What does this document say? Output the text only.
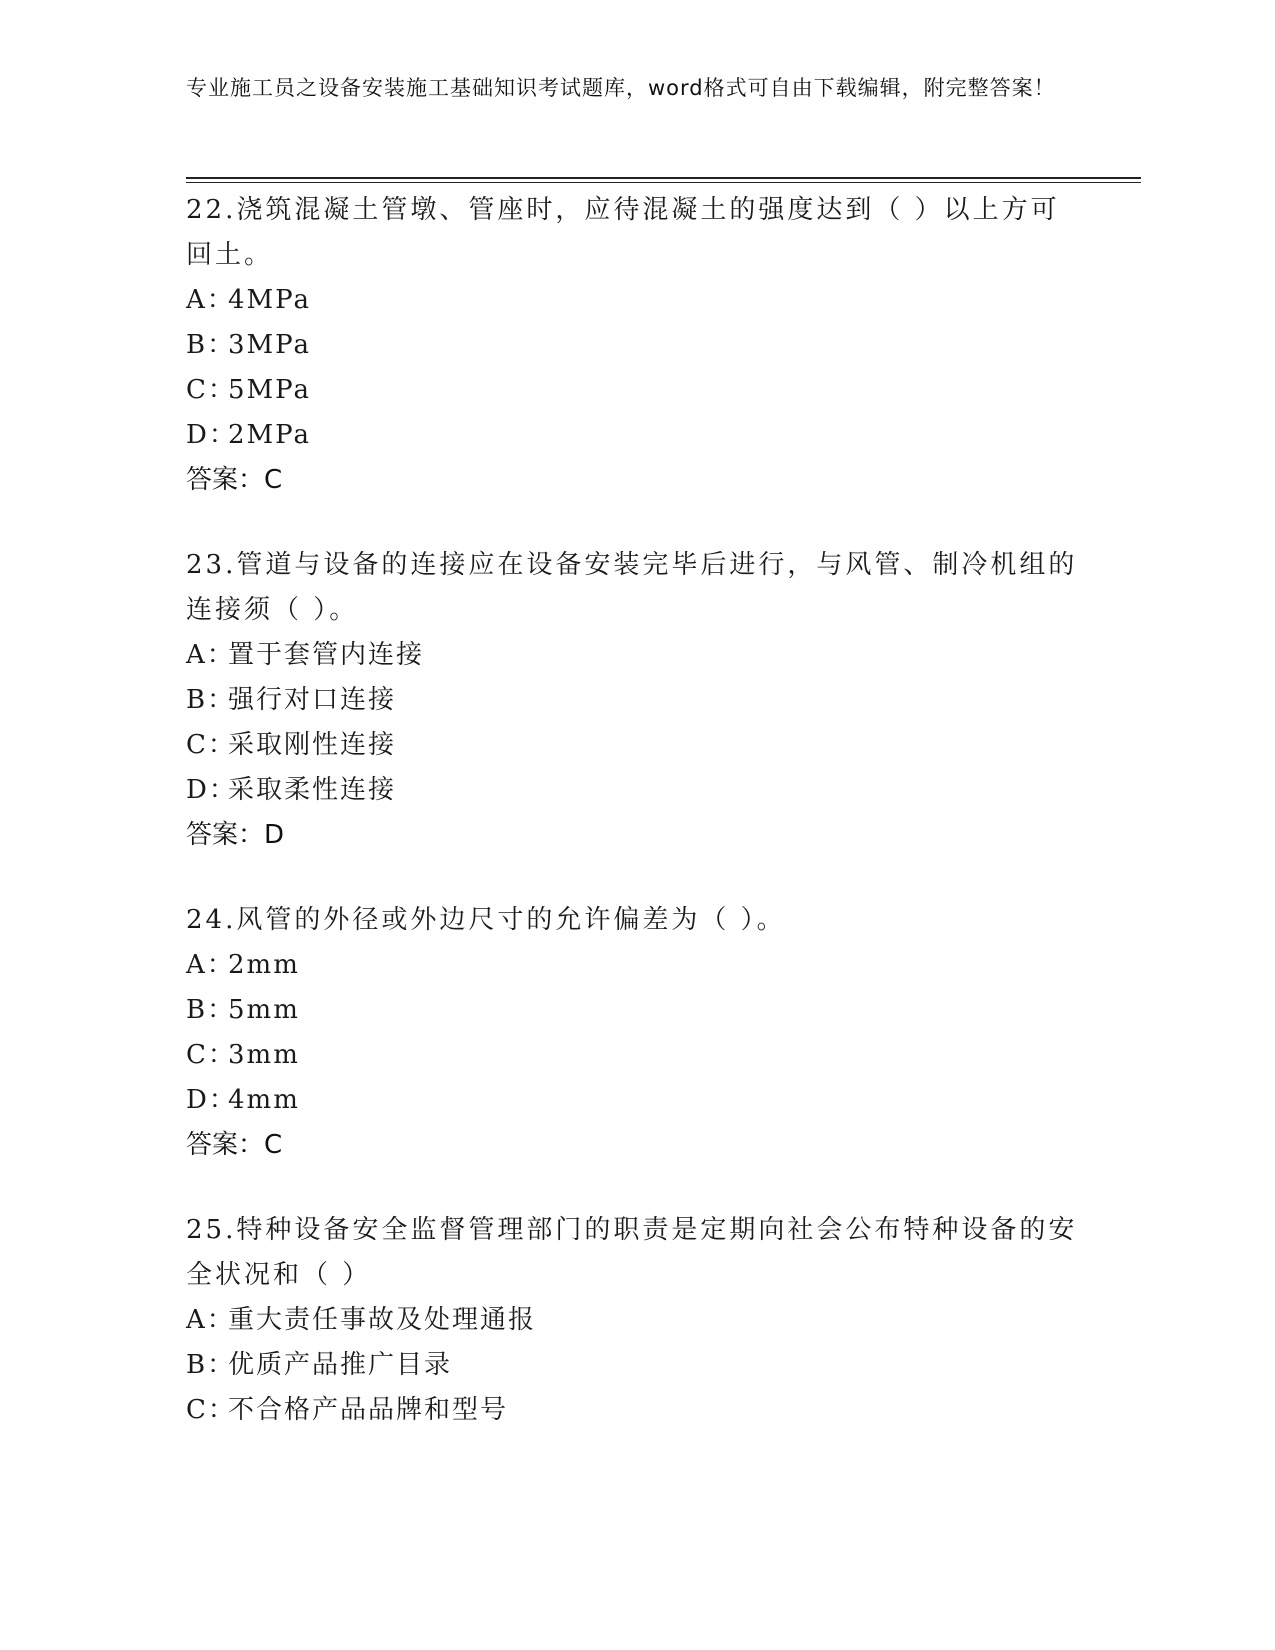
专业施工员之设备安装施工基础知识考试题库，word格式可自由下载编辑，附完整答案！

22.浇筑混凝土管墩、管座时，应待混凝土的强度达到（ ）以上方可回土。

A：4MPa

B：3MPa

C：5MPa

D：2MPa

答案：C

23.管道与设备的连接应在设备安装完毕后进行，与风管、制冷机组的连接须（ ）。

A：置于套管内连接

B：强行对口连接

C：采取刚性连接

D：采取柔性连接

答案：D

24.风管的外径或外边尺寸的允许偏差为（ ）。

A：2mm

B：5mm

C：3mm

D：4mm

答案：C

25.特种设备安全监督管理部门的职责是定期向社会公布特种设备的安全状况和（ ）

A：重大责任事故及处理通报

B：优质产品推广目录

C：不合格产品品牌和型号
